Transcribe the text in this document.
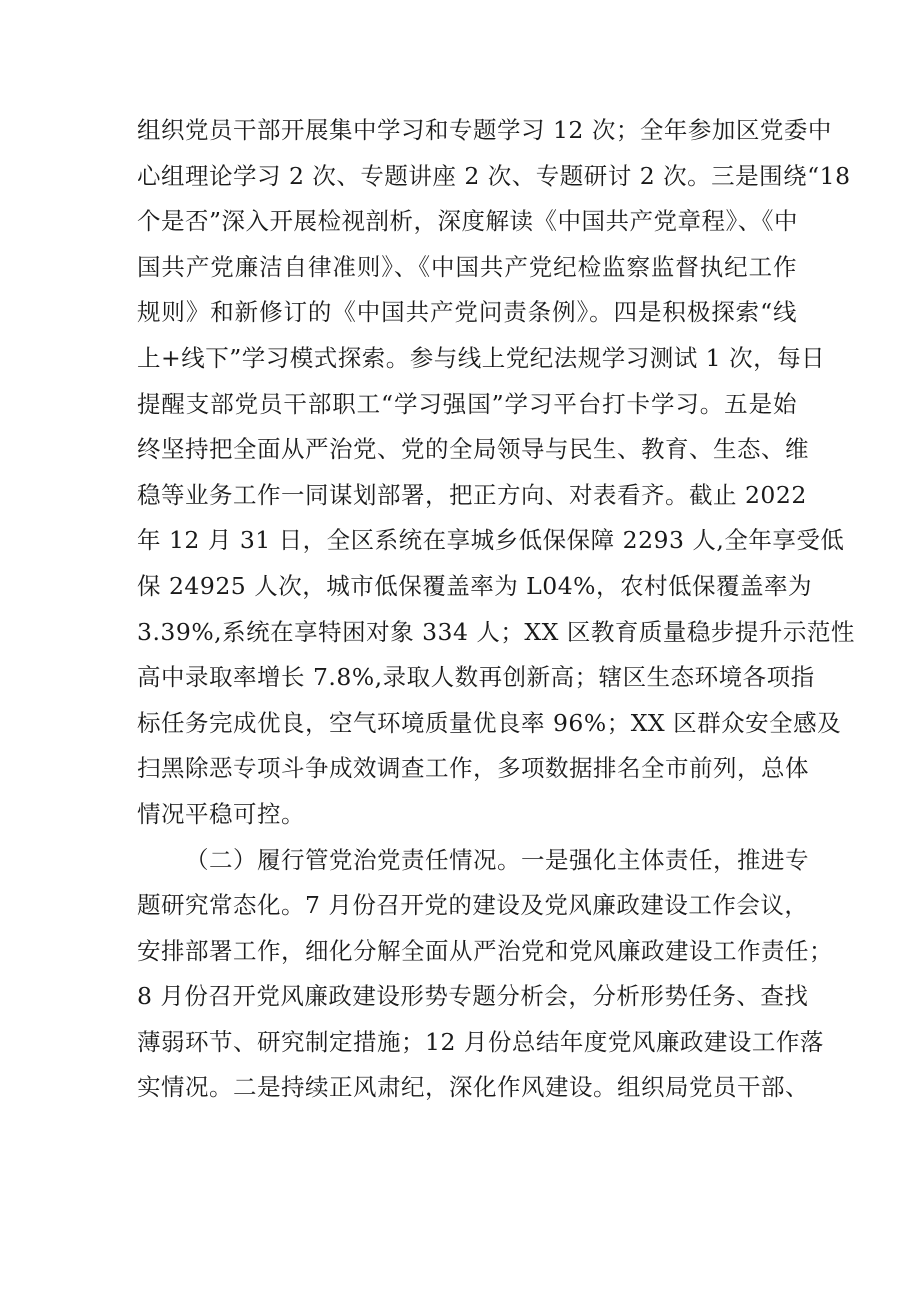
组织党员干部开展集中学习和专题学习 12 次；全年参加区党委中
心组理论学习 2 次、专题讲座 2 次、专题研讨 2 次。三是围绕“18
个是否”深入开展检视剖析，深度解读《中国共产党章程》、《中
国共产党廉洁自律准则》、《中国共产党纪检监察监督执纪工作
规则》和新修订的《中国共产党问责条例》。四是积极探索“线
上+线下”学习模式探索。参与线上党纪法规学习测试 1 次，每日
提醒支部党员干部职工“学习强国”学习平台打卡学习。五是始
终坚持把全面从严治党、党的全局领导与民生、教育、生态、维
稳等业务工作一同谋划部署，把正方向、对表看齐。截止 2022
年 12 月 31 日，全区系统在享城乡低保保障 2293 人,全年享受低
保 24925 人次，城市低保覆盖率为 L04%，农村低保覆盖率为
3.39%,系统在享特困对象 334 人；XX 区教育质量稳步提升示范性
高中录取率增长 7.8%,录取人数再创新高；辖区生态环境各项指
标任务完成优良，空气环境质量优良率 96%；XX 区群众安全感及
扫黑除恶专项斗争成效调查工作，多项数据排名全市前列，总体
情况平稳可控。
（二）履行管党治党责任情况。一是强化主体责任，推进专
题研究常态化。7 月份召开党的建设及党风廉政建设工作会议，
安排部署工作，细化分解全面从严治党和党风廉政建设工作责任；
8 月份召开党风廉政建设形势专题分析会，分析形势任务、查找
薄弱环节、研究制定措施；12 月份总结年度党风廉政建设工作落
实情况。二是持续正风肃纪，深化作风建设。组织局党员干部、
